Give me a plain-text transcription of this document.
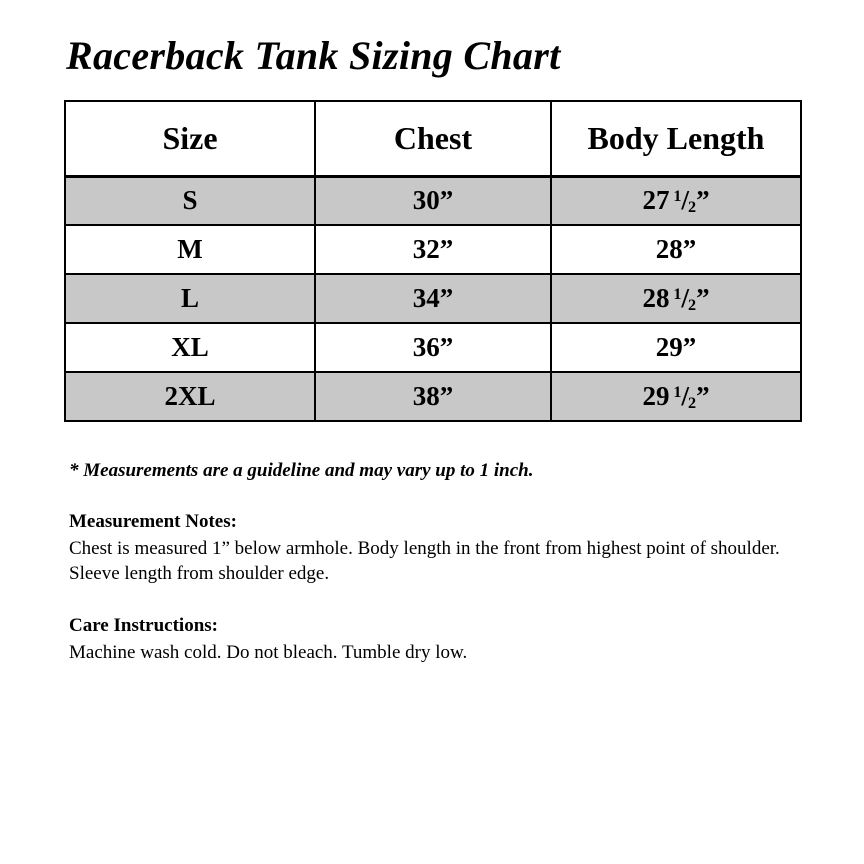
Racerback Tank Sizing Chart
Size	Chest	Body Length
S	30”	27 $^1$/2”
M	32”	28”
L	34”	28 $^1$/2”
XL	36”	29”
2XL	38”	29 $^1$/2”

* Measurements are a guideline and may vary up to 1 inch.

Measurement Notes:

Chest is measured 1” below armhole. Body length in the front from highest point of shoulder. Sleeve length from shoulder edge.

Care Instructions:

Machine wash cold. Do not bleach. Tumble dry low.
